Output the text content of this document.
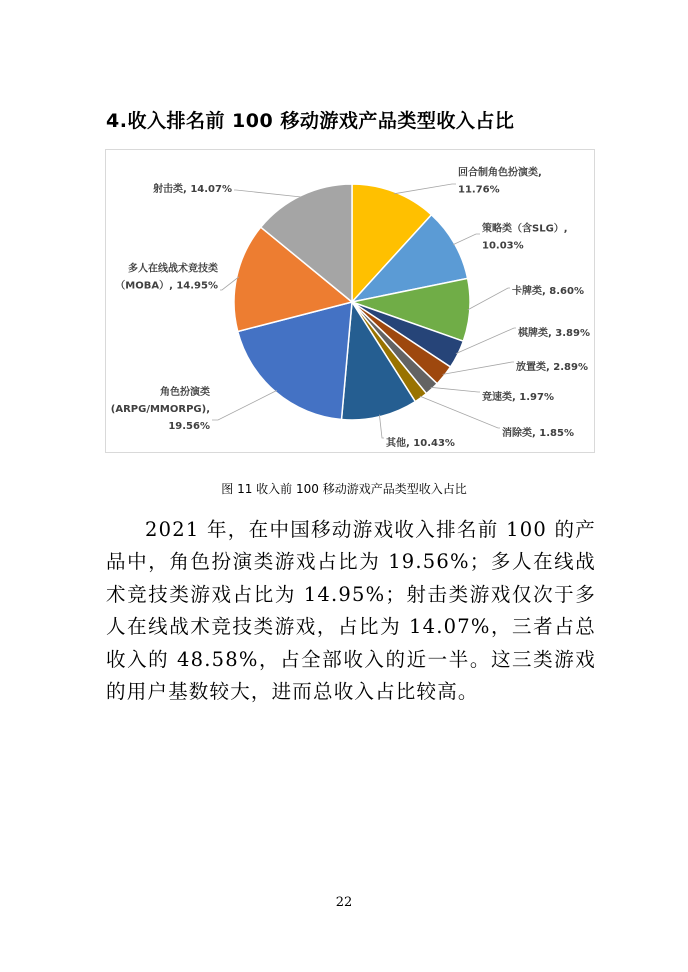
4.收入排名前 100 移动游戏产品类型收入占比
回合制角色扮演类,
11.76%
策略类（含SLG）,
10.03%
卡牌类, 8.60%
棋牌类, 3.89%
放置类, 2.89%
竞速类, 1.97%
消除类, 1.85%
其他, 10.43%
角色扮演类
(ARPG/MMORPG),
19.56%
多人在线战术竞技类
（MOBA）, 14.95%
射击类, 14.07%
图 11 收入前 100 移动游戏产品类型收入占比
2021 年，在中国移动游戏收入排名前 100 的产品中，角色扮演类游戏占比为 19.56%；多人在线战术竞技类游戏占比为 14.95%；射击类游戏仅次于多人在线战术竞技类游戏，占比为 14.07%，三者占总收入的 48.58%，占全部收入的近一半。这三类游戏的用户基数较大，进而总收入占比较高。
22
